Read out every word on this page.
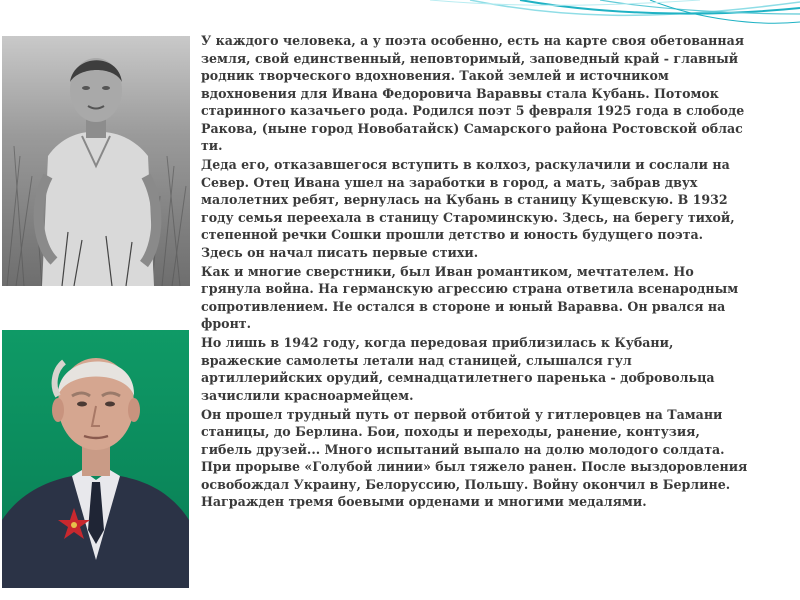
У каждого человека, а у поэта особенно, есть на карте своя обетованная земля, свой единственный, неповторимый, заповедный край - главный родник творческого вдохновения. Такой землей и источником вдохновения для Ивана Федоровича Вараввы стала Кубань. Потомок старинного казачьего рода. Родился поэт 5 февраля 1925 года в слободе Ракова, (ныне город Новобатайск) Самарского района Ростовской облас ти.

Деда его, отказавшегося вступить в колхоз, раскулачили и сослали на Север. Отец Ивана ушел на заработки в город, а мать, забрав двух малолетних ребят, вернулась на Кубань в станицу Кущевскую. В 1932 году семья переехала в станицу Староминскую. Здесь, на берегу тихой, степенной речки Сошки прошли детство и юность будущего поэта. Здесь он начал писать первые стихи.

Как и многие сверстники, был Иван романтиком, мечтателем. Но грянула война. На германскую агрессию страна ответила всенародным сопротивлением. Не остался в стороне и юный Варавва. Он рвался на фронт.

Но лишь в 1942 году, когда передовая приблизилась к Кубани, вражеские самолеты летали над станицей, слышался гул артиллерийских орудий, семнадцатилетнего паренька - добровольца зачислили красноармейцем.

Он прошел трудный путь от первой отбитой у гитлеровцев на Тамани станицы, до Берлина. Бои, походы и переходы, ранение, контузия, гибель друзей... Много испытаний выпало на долю молодого солдата. При прорыве «Голубой линии» был тяжело ранен. После выздоровления освобождал Украину, Белоруссию, Польшу. Войну окончил в Берлине. Награжден тремя боевыми орденами и многими медалями.
